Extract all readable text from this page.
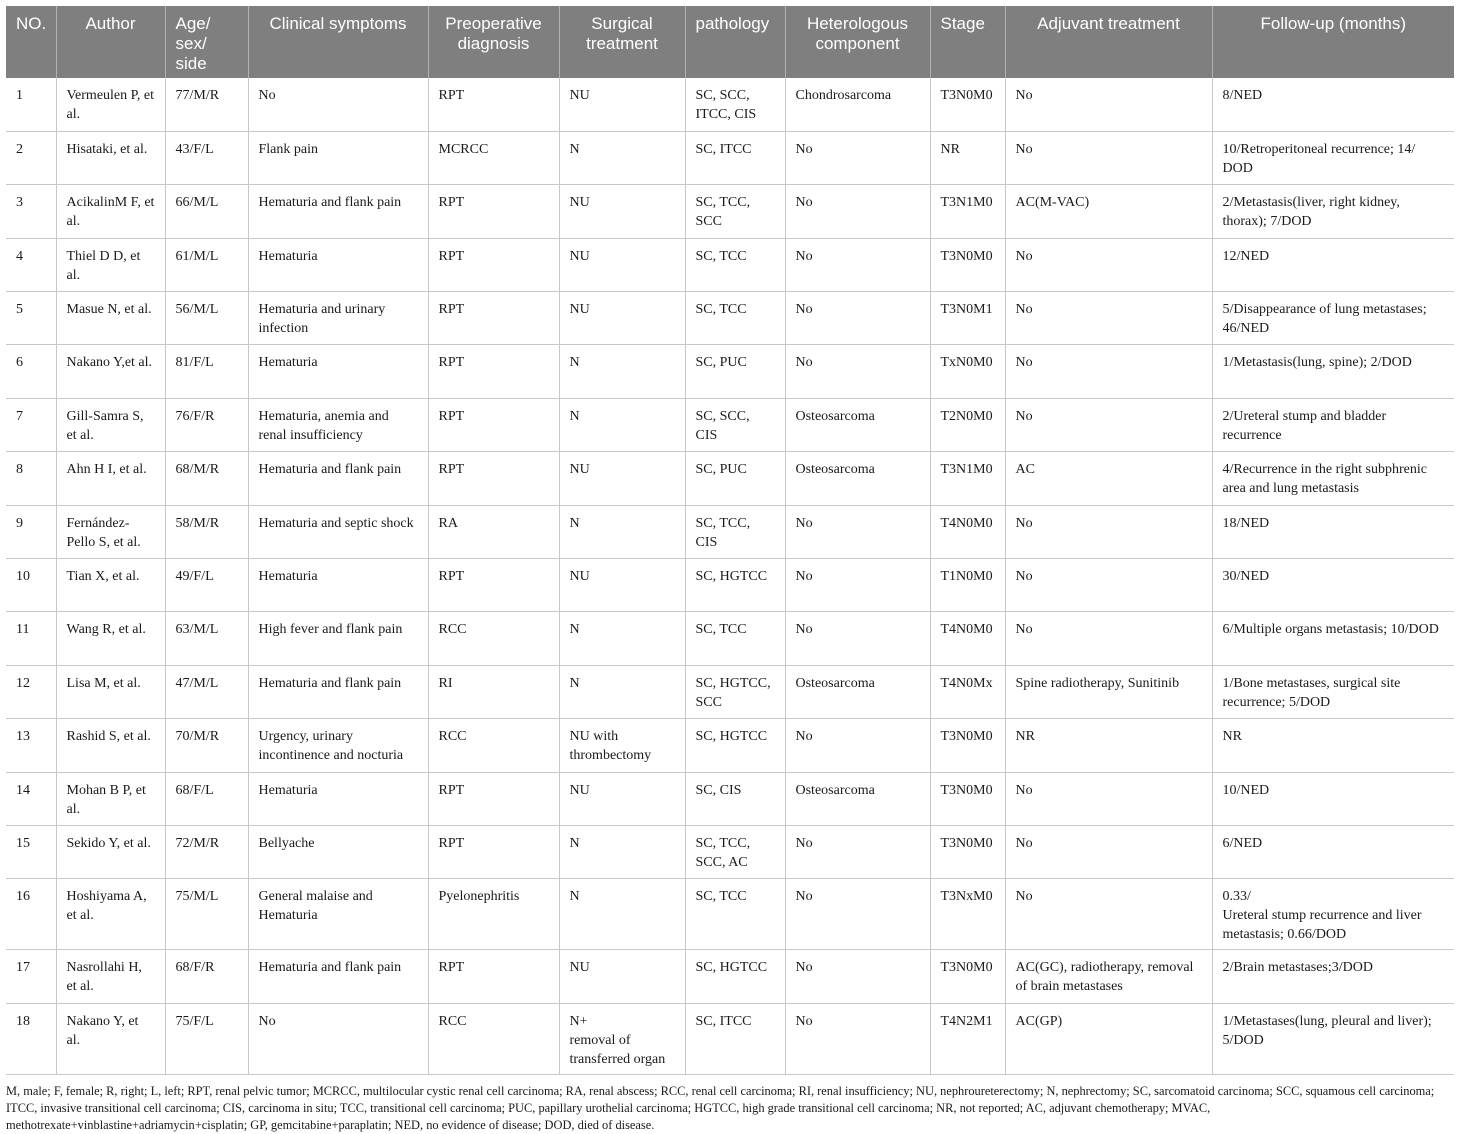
NO.	Author	Age/
sex/
side	Clinical symptoms	Preoperative diagnosis	Surgical treatment	pathology	Heterologous component	Stage	Adjuvant treatment	Follow-up (months)
1	Vermeulen P, et al.	77/M/R	No	RPT	NU	SC, SCC, ITCC, CIS	Chondrosarcoma	T3N0M0	No	8/NED
2	Hisataki, et al.	43/F/L	Flank pain	MCRCC	N	SC, ITCC	No	NR	No	10/Retroperitoneal recurrence; 14/ DOD
3	AcikalinM F, et al.	66/M/L	Hematuria and flank pain	RPT	NU	SC, TCC, SCC	No	T3N1M0	AC(M-VAC)	2/Metastasis(liver, right kidney, thorax); 7/DOD
4	Thiel D D, et al.	61/M/L	Hematuria	RPT	NU	SC, TCC	No	T3N0M0	No	12/NED
5	Masue N, et al.	56/M/L	Hematuria and urinary infection	RPT	NU	SC, TCC	No	T3N0M1	No	5/Disappearance of lung metastases; 46/NED
6	Nakano Y,et al.	81/F/L	Hematuria	RPT	N	SC, PUC	No	TxN0M0	No	1/Metastasis(lung, spine); 2/DOD
7	Gill-Samra S, et al.	76/F/R	Hematuria, anemia and renal insufficiency	RPT	N	SC, SCC, CIS	Osteosarcoma	T2N0M0	No	2/Ureteral stump and bladder recurrence
8	Ahn H I, et al.	68/M/R	Hematuria and flank pain	RPT	NU	SC, PUC	Osteosarcoma	T3N1M0	AC	4/Recurrence in the right subphrenic area and lung metastasis
9	Fernández-Pello S, et al.	58/M/R	Hematuria and septic shock	RA	N	SC, TCC, CIS	No	T4N0M0	No	18/NED
10	Tian X, et al.	49/F/L	Hematuria	RPT	NU	SC, HGTCC	No	T1N0M0	No	30/NED
11	Wang R, et al.	63/M/L	High fever and flank pain	RCC	N	SC, TCC	No	T4N0M0	No	6/Multiple organs metastasis; 10/DOD
12	Lisa M, et al.	47/M/L	Hematuria and flank pain	RI	N	SC, HGTCC, SCC	Osteosarcoma	T4N0Mx	Spine radiotherapy, Sunitinib	1/Bone metastases, surgical site recurrence; 5/DOD
13	Rashid S, et al.	70/M/R	Urgency, urinary incontinence and nocturia	RCC	NU with thrombectomy	SC, HGTCC	No	T3N0M0	NR	NR
14	Mohan B P, et al.	68/F/L	Hematuria	RPT	NU	SC, CIS	Osteosarcoma	T3N0M0	No	10/NED
15	Sekido Y, et al.	72/M/R	Bellyache	RPT	N	SC, TCC, SCC, AC	No	T3N0M0	No	6/NED
16	Hoshiyama A, et al.	75/M/L	General malaise and Hematuria	Pyelonephritis	N	SC, TCC	No	T3NxM0	No	0.33/
Ureteral stump recurrence and liver metastasis; 0.66/DOD
17	Nasrollahi H, et al.	68/F/R	Hematuria and flank pain	RPT	NU	SC, HGTCC	No	T3N0M0	AC(GC), radiotherapy, removal of brain metastases	2/Brain metastases;3/DOD
18	Nakano Y, et al.	75/F/L	No	RCC	N+
removal of transferred organ	SC, ITCC	No	T4N2M1	AC(GP)	1/Metastases(lung, pleural and liver); 5/DOD
M, male; F, female; R, right; L, left; RPT, renal pelvic tumor; MCRCC, multilocular cystic renal cell carcinoma; RA, renal abscess; RCC, renal cell carcinoma; RI, renal insufficiency; NU, nephroureterectomy; N, nephrectomy; SC, sarcomatoid carcinoma; SCC, squamous cell carcinoma; ITCC, invasive transitional cell carcinoma; CIS, carcinoma in situ; TCC, transitional cell carcinoma; PUC, papillary urothelial carcinoma; HGTCC, high grade transitional cell carcinoma; NR, not reported; AC, adjuvant chemotherapy; MVAC, methotrexate+vinblastine+adriamycin+cisplatin; GP, gemcitabine+paraplatin; NED, no evidence of disease; DOD, died of disease.
